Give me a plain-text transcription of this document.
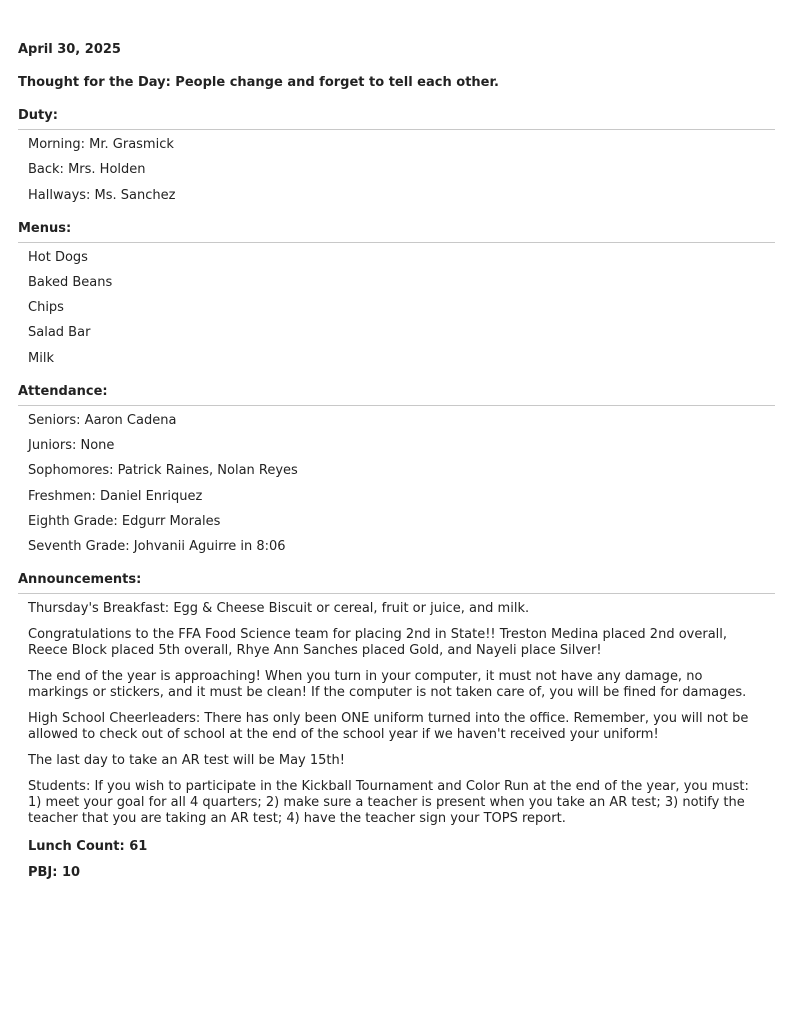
April 30, 2025
Thought for the Day: People change and forget to tell each other.
Duty:
Morning: Mr. Grasmick
Back: Mrs. Holden
Hallways: Ms. Sanchez
Menus:
Hot Dogs
Baked Beans
Chips
Salad Bar
Milk
Attendance:
Seniors: Aaron Cadena
Juniors: None
Sophomores: Patrick Raines, Nolan Reyes
Freshmen: Daniel Enriquez
Eighth Grade: Edgurr Morales
Seventh Grade: Johvanii Aguirre in 8:06
Announcements:
Thursday's Breakfast: Egg & Cheese Biscuit or cereal, fruit or juice, and milk.
Congratulations to the FFA Food Science team for placing 2nd in State!! Treston Medina placed 2nd overall, Reece Block placed 5th overall, Rhye Ann Sanches placed Gold, and Nayeli place Silver!
The end of the year is approaching! When you turn in your computer, it must not have any damage, no markings or stickers, and it must be clean! If the computer is not taken care of, you will be fined for damages.
High School Cheerleaders: There has only been ONE uniform turned into the office. Remember, you will not be allowed to check out of school at the end of the school year if we haven't received your uniform!
The last day to take an AR test will be May 15th!
Students: If you wish to participate in the Kickball Tournament and Color Run at the end of the year, you must: 1) meet your goal for all 4 quarters; 2) make sure a teacher is present when you take an AR test; 3) notify the teacher that you are taking an AR test; 4) have the teacher sign your TOPS report.
Lunch Count: 61
PBJ: 10
